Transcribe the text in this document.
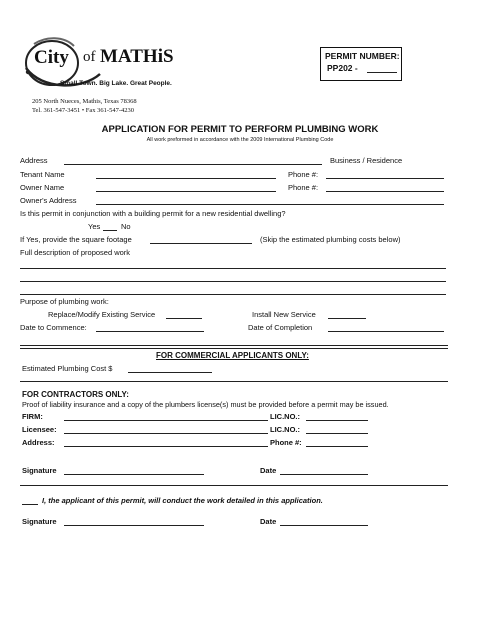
City of MATHiS
Small Town. Big Lake. Great People.
205 North Nueces, Mathis, Texas 78368
Tel. 361-547-3451 • Fax 361-547-4230
PERMIT NUMBER:
PP202 -
APPLICATION FOR PERMIT TO PERFORM PLUMBING WORK
All work preformed in accordance with the 2009 International Plumbing Code
Address	Business / Residence
Tenant Name	Phone #:
Owner Name	Phone #:
Owner's Address
Is this permit in conjunction with a building permit for a new residential dwelling?
Yes	No
If Yes, provide the square footage	(Skip the estimated plumbing costs below)
Full description of proposed work
Purpose of plumbing work:
Replace/Modify Existing Service	Install New Service
Date to Commence:	Date of Completion
FOR COMMERCIAL APPLICANTS ONLY:
Estimated Plumbing Cost $
FOR CONTRACTORS ONLY:
Proof of liability insurance and a copy of the plumbers license(s) must be provided before a permit may be issued.
FIRM:	LIC.NO.:
Licensee:	LIC.NO.:
Address:	Phone #:
Signature	Date
I, the applicant of this permit, will conduct the work detailed in this application.
Signature	Date
